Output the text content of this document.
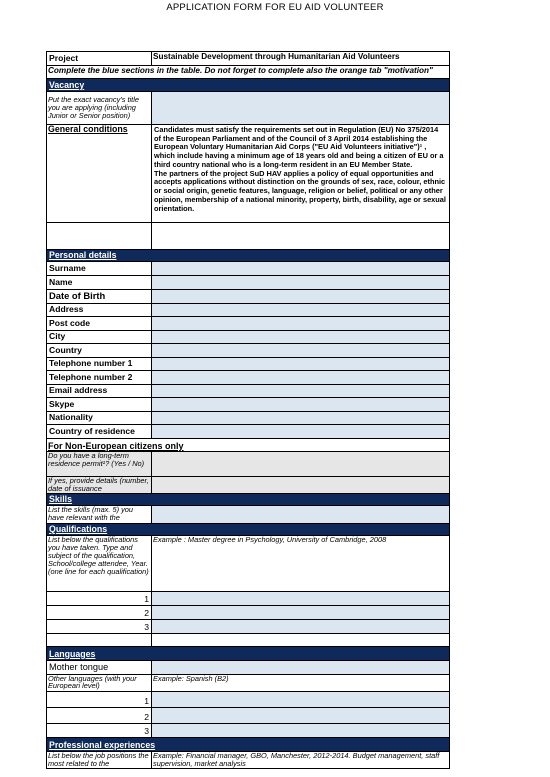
APPLICATION FORM FOR EU AID VOLUNTEER
Project	Sustainable Development through Humanitarian Aid Volunteers
Complete the blue sections in the table. Do not forget to complete also the orange tab "motivation"	
Vacancy	
Put the exact vacancy's title you are applying (including Junior or Senior position)	
General conditions	Candidates must satisfy the requirements set out in Regulation (EU) No 375/2014 of the European Parliament and of the Council of 3 April 2014 establishing the European Voluntary Humanitarian Aid Corps ("EU Aid Volunteers initiative")¹ , which include having a minimum age of 18 years old and being a citizen of EU or a third country national who is a long-term resident in an EU Member State.
The partners of the project SuD HAV applies a policy of equal opportunities and accepts applications without distinction on the grounds of sex, race, colour, ethnic or social origin, genetic features, language, religion or belief, political or any other opinion, membership of a national minority, property, birth, disability, age or sexual orientation.

Personal details	
Surname	
Name	
Date of Birth	
Address	
Post code	
City	
Country	
Telephone number 1	
Telephone number 2	
Email address	
Skype	
Nationality	
Country of residence	
For Non-European citizens only	
Do you have a long-term residence permit¹? (Yes / No)	
If yes, provide details (number, date of issuance	
Skills	
List the skills (max. 5) you have relevant with the	
Qualifications	
List below the qualifications you have taken. Type and subject of the qualification, School/college attendee, Year. (one line for each qualification)	Example : Master degree in Psychology, University of Cambridge, 2008
1	
2	
3	

Languages	
Mother tongue	
Other languages (with your European level)	Example: Spanish (B2)
1	
2	
3	
Professional experiences	
List below the job positions the most related to the	Example: Financial manager, GBO, Manchester, 2012-2014. Budget management, staff supervision, market analysis
